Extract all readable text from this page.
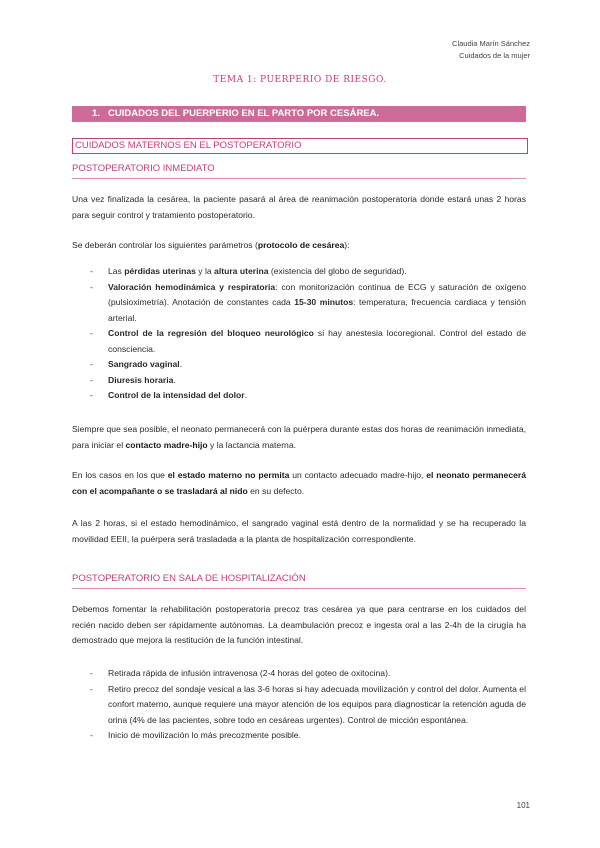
Claudia Marín Sánchez
Cuidados de la mujer
TEMA 1: PUERPERIO DE RIESGO.
1. CUIDADOS DEL PUERPERIO EN EL PARTO POR CESÁREA.
CUIDADOS MATERNOS EN EL POSTOPERATORIO
POSTOPERATORIO INMEDIATO
Una vez finalizada la cesárea, la paciente pasará al área de reanimación postoperatoria donde estará unas 2 horas para seguir control y tratamiento postoperatorio.
Se deberán controlar los siguientes parámetros (protocolo de cesárea):
- Las pérdidas uterinas y la altura uterina (existencia del globo de seguridad).
- Valoración hemodinámica y respiratoria: con monitorización continua de ECG y saturación de oxígeno (pulsioximetría). Anotación de constantes cada 15-30 minutos: temperatura, frecuencia cardiaca y tensión arterial.
- Control de la regresión del bloqueo neurológico si hay anestesia locoregional. Control del estado de consciencia.
- Sangrado vaginal.
- Diuresis horaria.
- Control de la intensidad del dolor.
Siempre que sea posible, el neonato permanecerá con la puérpera durante estas dos horas de reanimación inmediata, para iniciar el contacto madre-hijo y la lactancia materna.
En los casos en los que el estado materno no permita un contacto adecuado madre-hijo, el neonato permanecerá con el acompañante o se trasladará al nido en su defecto.
A las 2 horas, si el estado hemodinámico, el sangrado vaginal está dentro de la normalidad y se ha recuperado la movilidad EEII, la puérpera será trasladada a la planta de hospitalización correspondiente.
POSTOPERATORIO EN SALA DE HOSPITALIZACIÓN
Debemos fomentar la rehabilitación postoperatoria precoz tras cesárea ya que para centrarse en los cuidados del recién nacido deben ser rápidamente autónomas. La deambulación precoz e ingesta oral a las 2-4h de la cirugía ha demostrado que mejora la restitución de la función intestinal.
- Retirada rápida de infusión intravenosa (2-4 horas del goteo de oxitocina).
- Retiro precoz del sondaje vesical a las 3-6 horas si hay adecuada movilización y control del dolor. Aumenta el confort materno, aunque requiere una mayor atención de los equipos para diagnosticar la retención aguda de orina (4% de las pacientes, sobre todo en cesáreas urgentes). Control de micción espontánea.
- Inicio de movilización lo más precozmente posible.
101
